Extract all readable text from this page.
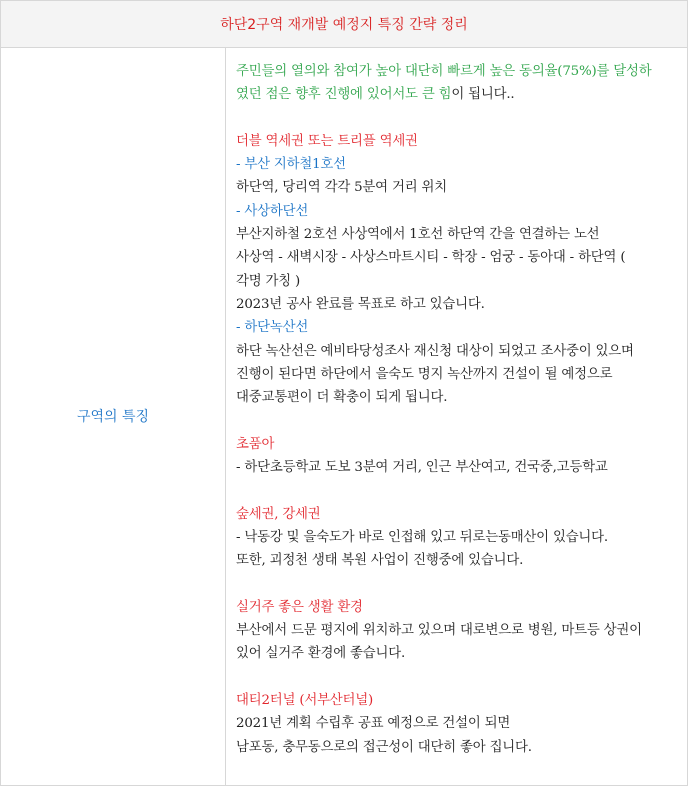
하단2구역 재개발 예정지 특징 간략 정리
구역의 특징
주민들의 열의와 참여가 높아 대단히 빠르게 높은 동의율(75%)를 달성하
였던 점은 향후 진행에 있어서도 큰 힘이 됩니다..
더블 역세권 또는 트리플 역세권
- 부산 지하철1호선
하단역, 당리역 각각 5분여 거리 위치
- 사상하단선
부산지하철 2호선 사상역에서 1호선 하단역 간을 연결하는 노선
사상역 - 새벽시장 - 사상스마트시티 - 학장 - 엄궁 - 동아대 - 하단역 (
각명 가칭 )
2023년 공사 완료를 목표로 하고 있습니다.
- 하단녹산선
하단 녹산선은 예비타당성조사 재신청 대상이 되었고 조사중이 있으며
진행이 된다면 하단에서 을숙도 명지 녹산까지 건설이 될 예정으로
대중교통편이 더 확충이 되게 됩니다.
초품아
- 하단초등학교 도보 3분여 거리, 인근 부산여고, 건국중,고등학교
숲세권, 강세권
- 낙동강 및 을숙도가 바로 인접해 있고 뒤로는동매산이 있습니다.
또한, 괴정천 생태 복원 사업이 진행중에 있습니다.
실거주 좋은 생활 환경
부산에서 드문 평지에 위치하고 있으며 대로변으로 병원, 마트등 상권이
있어 실거주 환경에 좋습니다.
대티2터널 (서부산터널)
2021년 계획 수립후 공표 예정으로 건설이 되면
남포동, 충무동으로의 접근성이 대단히 좋아 집니다.
